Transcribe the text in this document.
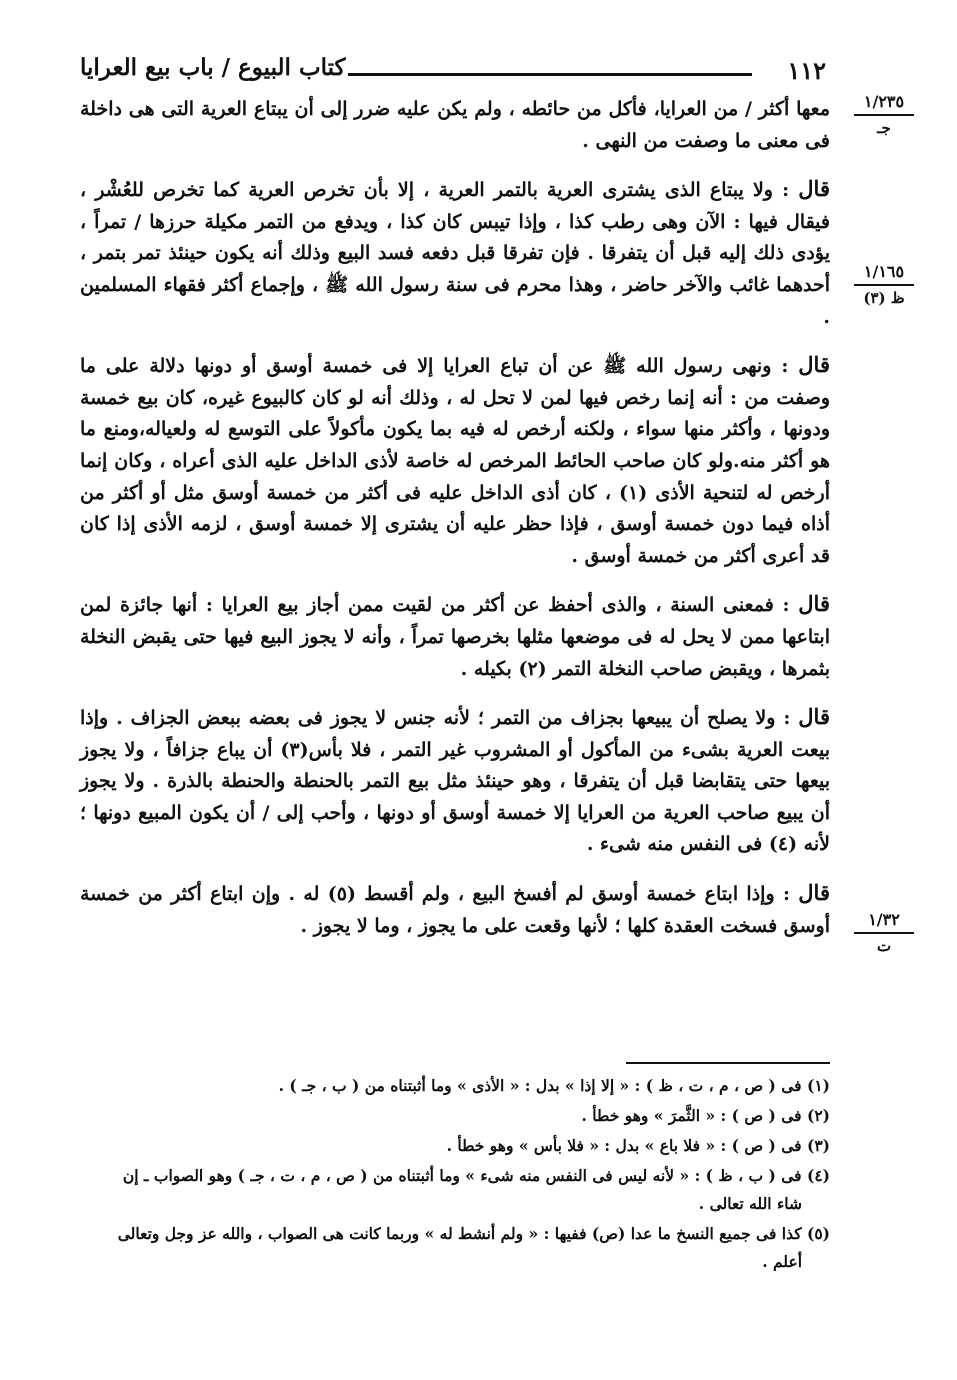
١١٢
كتاب البيوع / باب بيع العرايا
١/٢٣٥
جـ
١/١٦٥
ظ (٣)
١/٣٢
ت

معها أكثر / من العرايا، فأكل من حائطه ، ولم يكن عليه ضرر إلى أن يبتاع العرية التى هى داخلة فى معنى ما وصفت من النهى .

قال : ولا يبتاع الذى يشترى العرية بالتمر العرية ، إلا بأن تخرص العرية كما تخرص للعُشْر ، فيقال فيها : الآن وهى رطب كذا ، وإذا تيبس كان كذا ، ويدفع من التمر مكيلة حرزها / تمراً ، يؤدى ذلك إليه قبل أن يتفرقا . فإن تفرقا قبل دفعه فسد البيع وذلك أنه يكون حينئذ تمر بتمر ، أحدهما غائب والآخر حاضر ، وهذا محرم فى سنة رسول الله ﷺ ، وإجماع أكثر فقهاء المسلمين .

قال : ونهى رسول الله ﷺ عن أن تباع العرايا إلا فى خمسة أوسق أو دونها دلالة على ما وصفت من : أنه إنما رخص فيها لمن لا تحل له ، وذلك أنه لو كان كالبيوع غيره، كان بيع خمسة ودونها ، وأكثر منها سواء ، ولكنه أرخص له فيه بما يكون مأكولاً على التوسع له ولعياله،ومنع ما هو أكثر منه.ولو كان صاحب الحائط المرخص له خاصة لأذى الداخل عليه الذى أعراه ، وكان إنما أرخص له لتنحية الأذى (١) ، كان أذى الداخل عليه فى أكثر من خمسة أوسق مثل أو أكثر من أذاه فيما دون خمسة أوسق ، فإذا حظر عليه أن يشترى إلا خمسة أوسق ، لزمه الأذى إذا كان قد أعرى أكثر من خمسة أوسق .

قال : فمعنى السنة ، والذى أحفظ عن أكثر من لقيت ممن أجاز بيع العرايا : أنها جائزة لمن ابتاعها ممن لا يحل له فى موضعها مثلها بخرصها تمراً ، وأنه لا يجوز البيع فيها حتى يقبض النخلة بثمرها ، ويقبض صاحب النخلة التمر (٢) بكيله .

قال : ولا يصلح أن يبيعها بجزاف من التمر ؛ لأنه جنس لا يجوز فى بعضه ببعض الجزاف . وإذا بيعت العرية بشىء من المأكول أو المشروب غير التمر ، فلا بأس(٣) أن يباع جزافاً ، ولا يجوز بيعها حتى يتقابضا قبل أن يتفرقا ، وهو حينئذ مثل بيع التمر بالحنطة والحنطة بالذرة . ولا يجوز أن يبيع صاحب العرية من العرايا إلا خمسة أوسق أو دونها ، وأحب إلى / أن يكون المبيع دونها ؛ لأنه (٤) فى النفس منه شىء .

قال : وإذا ابتاع خمسة أوسق لم أفسخ البيع ، ولم أقسط (٥) له . وإن ابتاع أكثر من خمسة أوسق فسخت العقدة كلها ؛ لأنها وقعت على ما يجوز ، وما لا يجوز .

(١) فى ( ص ، م ، ت ، ظ ) : « إلا إذا » بدل : « الأذى » وما أثبتناه من ( ب ، جـ ) .

(٢) فى ( ص ) : « الثَّمرَ » وهو خطأ .

(٣) فى ( ص ) : « فلا باع » بدل : « فلا بأس » وهو خطأ .

(٤) فى ( ب ، ظ ) : « لأنه ليس فى النفس منه شىء » وما أثبتناه من ( ص ، م ، ت ، جـ ) وهو الصواب ـ إن
شاء الله تعالى .

(٥) كذا فى جميع النسخ ما عدا (ص) ففيها : « ولم أنشط له » وربما كانت هى الصواب ، والله عز وجل وتعالى
أعلم .
